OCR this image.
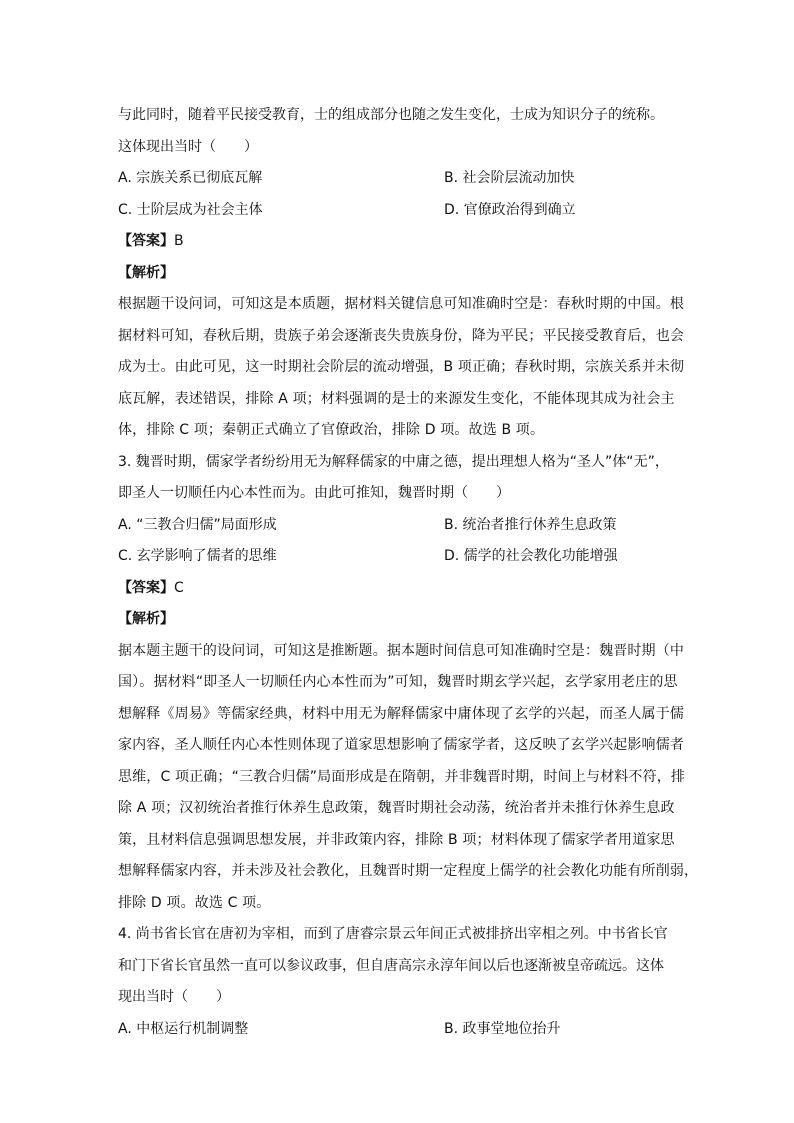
与此同时，随着平民接受教育，士的组成部分也随之发生变化，士成为知识分子的统称。
这体现出当时（　　）
A. 宗族关系已彻底瓦解	B. 社会阶层流动加快
C. 士阶层成为社会主体	D. 官僚政治得到确立
【答案】B
【解析】
根据题干设问词，可知这是本质题，据材料关键信息可知准确时空是：春秋时期的中国。根
据材料可知，春秋后期，贵族子弟会逐渐丧失贵族身份，降为平民；平民接受教育后，也会
成为士。由此可见，这一时期社会阶层的流动增强，B 项正确；春秋时期，宗族关系并未彻
底瓦解，表述错误，排除 A 项；材料强调的是士的来源发生变化，不能体现其成为社会主
体，排除 C 项；秦朝正式确立了官僚政治，排除 D 项。故选 B 项。
3. 魏晋时期，儒家学者纷纷用无为解释儒家的中庸之德，提出理想人格为“圣人”体“无”，
即圣人一切顺任内心本性而为。由此可推知，魏晋时期（　　）
A. “三教合归儒”局面形成	B. 统治者推行休养生息政策
C. 玄学影响了儒者的思维	D. 儒学的社会教化功能增强
【答案】C
【解析】
据本题主题干的设问词，可知这是推断题。据本题时间信息可知准确时空是：魏晋时期（中
国）。据材料“即圣人一切顺任内心本性而为”可知，魏晋时期玄学兴起，玄学家用老庄的思
想解释《周易》等儒家经典，材料中用无为解释儒家中庸体现了玄学的兴起，而圣人属于儒
家内容，圣人顺任内心本性则体现了道家思想影响了儒家学者，这反映了玄学兴起影响儒者
思维，C 项正确；“三教合归儒”局面形成是在隋朝，并非魏晋时期，时间上与材料不符，排
除 A 项；汉初统治者推行休养生息政策，魏晋时期社会动荡，统治者并未推行休养生息政
策，且材料信息强调思想发展，并非政策内容，排除 B 项；材料体现了儒家学者用道家思
想解释儒家内容，并未涉及社会教化，且魏晋时期一定程度上儒学的社会教化功能有所削弱，
排除 D 项。故选 C 项。
4. 尚书省长官在唐初为宰相，而到了唐睿宗景云年间正式被排挤出宰相之列。中书省长官
和门下省长官虽然一直可以参议政事，但自唐高宗永淳年间以后也逐渐被皇帝疏远。这体
现出当时（　　）
A. 中枢运行机制调整	B. 政事堂地位抬升
